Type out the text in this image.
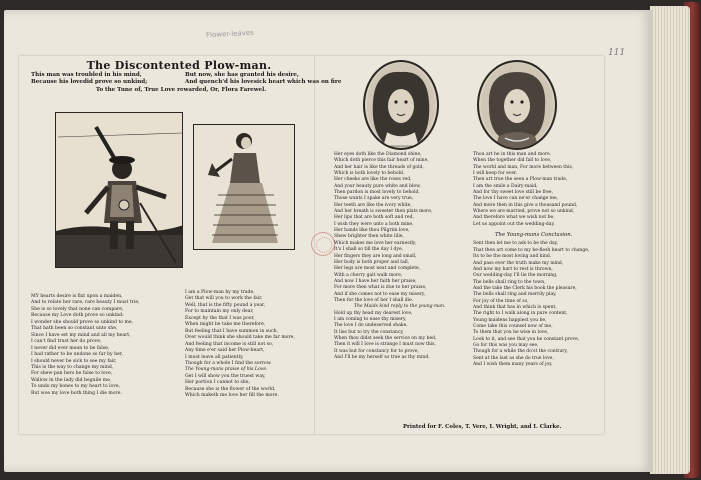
Flower-leaves
111
The Discontented Plow-man.
This man was troubled in his mind,
Because his lovedid prove so unkind;
But now, she has granted his desire,
And quench'd his lovesick heart which was on fire
To the Tune of, True Love rewarded, Or, Flora Farewel.
MY hearts desire is fixt upon a maiden,
And to relate her rare, rare beauty I must trie,
She is so lovely that none can compare,
Because my Love doth prove so unkind:
I wonder she should prove so unkind to me,
That hath been so constant unto she,
Since I have set my mind and all my heart,
I can't find trust her do prove,
I never did ever mean to be false,
I had rather to be undone so far by her,
I should never be sick to see my fair,
This is the way to change my mind,
For shew-pan hers be false to love,
Wallow in the lady did beguile me,
To undo my bones to my heart to love,
But woe my love both thing I die more.
I am a Plow-man by my trade,
Get that will you to work the fair,
Well, that is the fifty pound a year,
For to maintain my only dear,
Except by the that I was poor,
When might be take me therefore,
But feeling that I have summon in such,
Over would think she should take me far more,
And feeling that income is still not so,
Any time e'er said her Plow-heart,
I must leave all patiently,
Though for a whole I find the sorrow.
The Young-mans praise of his Love.
Get I will show you the truest way,
Her portion I cannot to she,
Because she is the flower of the world,
Which maketh me love her fill the more.
Her eyes doth like the Diamond shine,
Which doth pierce this fair heart of mine,
And her hair is like the threads of gold,
Which is both lovely to behold.
Her cheeks are like the roses red,
And your beauty pure white and blew,
Then pardon is most lovely to behold,
Those wants I spake are very true,
Her teeth are like the ivory white,
And her breath is sweeter then plats more,
Her lips that are both soft and red,
I wish they were unto a both mine,
Her hands like thou Pilgrim love,
Shew brighter then white lilie,
Which makes me love her earnestly,
It's I shall so till the day I dye,
Her fingers they are long and small,
Her body is both proper and tall,
Her legs are most neat and complete,
With a cherry gait walk more,
And now I have her faith her praise,
For more then what is due to her praise,
And if she comes not to ease my misery,
Then for the love of her I shall die.
The Maids kind reply to the young-man.
Hold up thy head my dearest love,
I am coming to ease thy misery,
The love I do undeserved shake,
It lies but to try the constancy,
When thou didst seek the service on my bed,
Then it will I love is strange I must now this,
It was but for constancy for to prove,
And I'll be my herself so true as thy mind.
Thou art he in this man and more,
When the together did fall to love,
The world and man, For more between this,
I will keep for ever.
Then art true the seen a Plow-man trade,
I am the smile a Dairy-maid,
And for thy sweet love still be free,
The love I have can ne'er change me,
And more then in this give a thousand pound,
Where we are married, prove not so unkind,
And therefore what we wish not be,
Let us appoint out the wedding-day.
The Young-mans Conclusion.
Sent then let me to ask to be the day,
That then art come to my be-flesh heart to change,
Its to be the most loving and kind,
And pass ever the truth make my mind,
And now my hart to rest is thrown,
Our wedding-day I'll lie the morning,
The bells shall ring to the town,
And the take the Clerk his book the pleasure,
The bells shall ring and merrily play,
For joy of the time of so,
And think that has in which is spent,
The right to I walk along in pure content,
Young maidens happiest you be,
Come take this counsel now of me,
To them that you be wise in love,
Look to it, and see that you be constant prove,
Go for this was you may see,
Though for a while the do'st the contrary,
Sent at the last as she do true love,
And I wish them many years of joy.
Printed for F. Coles, T. Vere, I. Wright, and I. Clarke.
